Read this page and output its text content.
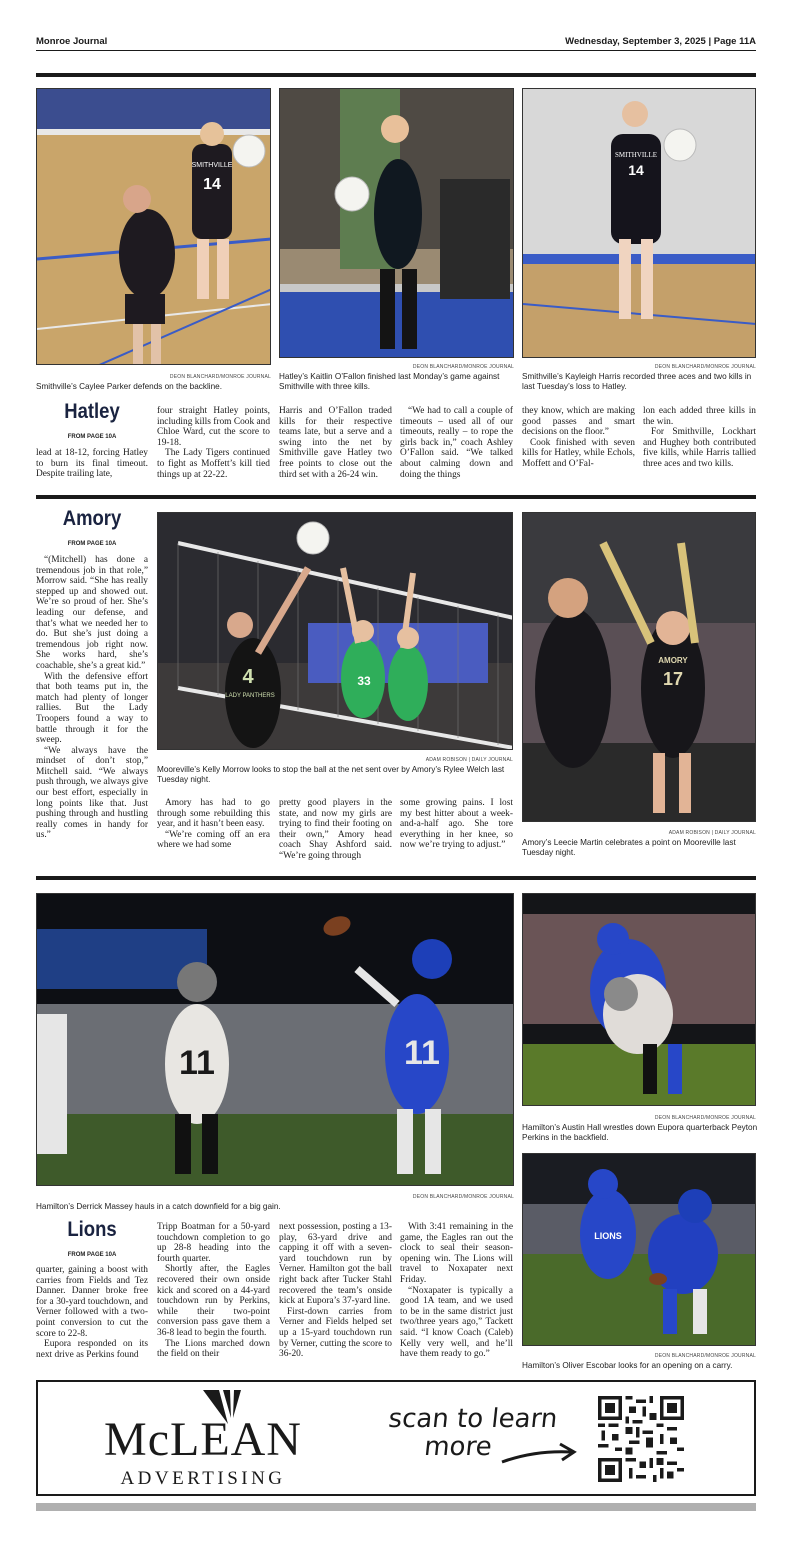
Monroe Journal	Wednesday, September 3, 2025 | Page 11A
SMITHVILLE
14
DEON BLANCHARD/MONROE JOURNAL
Smithville’s Caylee Parker defends on the backline.
DEON BLANCHARD/MONROE JOURNAL
Hatley’s Kaitlin O’Fallon finished last Monday’s game against Smithville with three kills.
SMITHVILLE
14
DEON BLANCHARD/MONROE JOURNAL
Smithville’s Kayleigh Harris recorded three aces and two kills in last Tuesday’s loss to Hatley.
Hatley
FROM PAGE 10A

lead at 18-12, forcing Hatley to burn its final timeout. Despite trailing late,

four straight Hatley points, including kills from Cook and Chloe Ward, cut the score to 19-18.

The Lady Tigers continued to fight as Moffett’s kill tied things up at 22-22.

Harris and O’Fallon traded kills for their respective teams late, but a serve and a swing into the net by Smithville gave Hatley two free points to close out the third set with a 26-24 win.

“We had to call a couple of timeouts – used all of our timeouts, really – to rope the girls back in,” coach Ashley O’Fallon said. “We talked about calming down and doing the things

they know, which are making good passes and smart decisions on the floor.”

Cook finished with seven kills for Hatley, while Echols, Moffett and O’Fal-

lon each added three kills in the win.

For Smithville, Lockhart and Hughey both contributed five kills, while Harris tallied three aces and two kills.

Amory
FROM PAGE 10A

“(Mitchell) has done a tremendous job in that role,” Morrow said. “She has really stepped up and showed out. We’re so proud of her. She’s leading our defense, and that’s what we needed her to do. But she’s just doing a tremendous job right now. She works hard, she’s coachable, she’s a great kid.”

With the defensive effort that both teams put in, the match had plenty of longer rallies. But the Lady Troopers found a way to battle through it for the sweep.

“We always have the mindset of don’t stop,” Mitchell said. “We always push through, we always give our best effort, especially in long points like that. Just pushing through and hustling really comes in handy for us.”

4
LADY PANTHERS
33
ADAM ROBISON | DAILY JOURNAL
Mooreville’s Kelly Morrow looks to stop the ball at the net sent over by Amory’s Rylee Welch last Tuesday night.

Amory has had to go through some rebuilding this year, and it hasn’t been easy.

“We’re coming off an era where we had some

pretty good players in the state, and now my girls are trying to find their footing on their own,” Amory head coach Shay Ashford said. “We’re going through

some growing pains. I lost my best hitter about a week-and-a-half ago. She tore everything in her knee, so now we’re trying to adjust.”

AMORY
17
ADAM ROBISON | DAILY JOURNAL
Amory’s Leecie Martin celebrates a point on Mooreville last Tuesday night.
11	11
DEON BLANCHARD/MONROE JOURNAL
Hamilton’s Derrick Massey hauls in a catch downfield for a big gain.
DEON BLANCHARD/MONROE JOURNAL
Hamilton’s Austin Hall wrestles down Eupora quarterback Peyton Perkins in the backfield.
LIONS
DEON BLANCHARD/MONROE JOURNAL
Hamilton’s Oliver Escobar looks for an opening on a carry.
Lions
FROM PAGE 10A

quarter, gaining a boost with carries from Fields and Tez Danner. Danner broke free for a 30-yard touchdown, and Verner followed with a two-point conversion to cut the score to 22-8.

Eupora responded on its next drive as Perkins found

Tripp Boatman for a 50-yard touchdown completion to go up 28-8 heading into the fourth quarter.

Shortly after, the Eagles recovered their own onside kick and scored on a 44-yard touchdown run by Perkins, while their two-point conversion pass gave them a 36-8 lead to begin the fourth.

The Lions marched down the field on their

next possession, posting a 13-play, 63-yard drive and capping it off with a seven-yard touchdown run by Verner. Hamilton got the ball right back after Tucker Stahl recovered the team’s onside kick at Eupora’s 37-yard line.

First-down carries from Verner and Fields helped set up a 15-yard touchdown run by Verner, cutting the score to 36-20.

With 3:41 remaining in the game, the Eagles ran out the clock to seal their season-opening win. The Lions will travel to Noxapater next Friday.

“Noxapater is typically a good 1A team, and we used to be in the same district just two/three years ago,” Tackett said. “I know Coach (Caleb) Kelly very well, and he’ll have them ready to go.”

McLEAN
ADVERTISING
scan to learn
more
